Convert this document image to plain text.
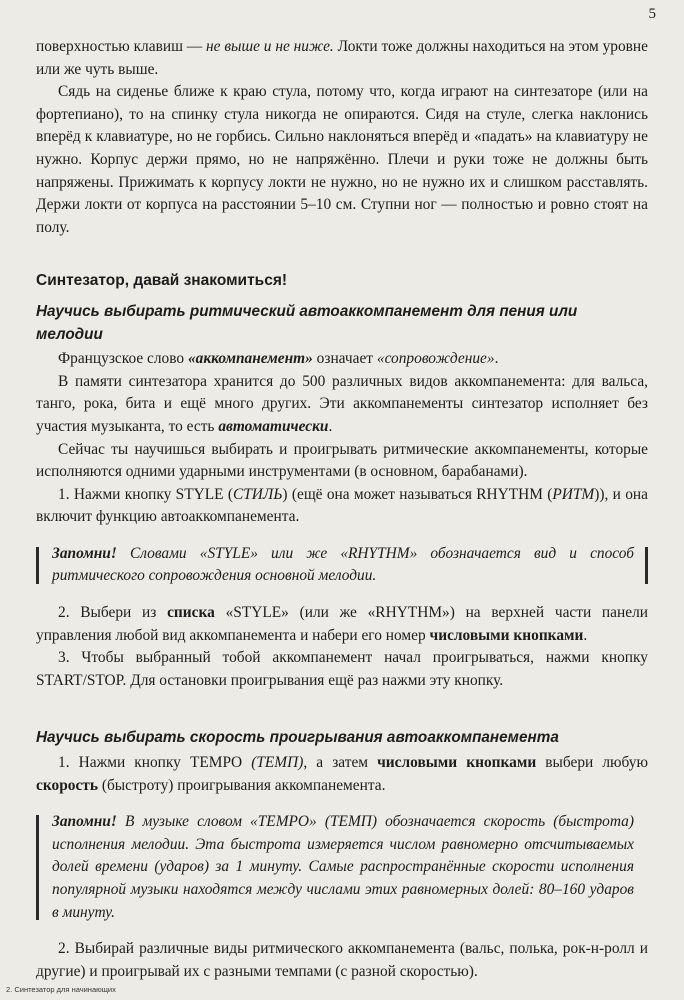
5

поверхностью клавиш — не выше и не ниже. Локти тоже должны находиться на этом уровне или же чуть выше.

Сядь на сиденье ближе к краю стула, потому что, когда играют на синтезаторе (или на фортепиано), то на спинку стула никогда не опираются. Сидя на стуле, слегка наклонись вперёд к клавиатуре, но не горбись. Сильно наклоняться вперёд и «падать» на клавиатуру не нужно. Корпус держи прямо, но не напряжённо. Плечи и руки тоже не должны быть напряжены. Прижимать к корпусу локти не нужно, но не нужно их и слишком расставлять. Держи локти от корпуса на расстоянии 5–10 см. Ступни ног — полностью и ровно стоят на полу.

Синтезатор, давай знакомиться!
Научись выбирать ритмический автоаккомпанемент для пения или мелодии

Французское слово «аккомпанемент» означает «сопровождение».

В памяти синтезатора хранится до 500 различных видов аккомпанемента: для вальса, танго, рока, бита и ещё много других. Эти аккомпанементы синтезатор исполняет без участия музыканта, то есть автоматически.

Сейчас ты научишься выбирать и проигрывать ритмические аккомпанементы, которые исполняются одними ударными инструментами (в основном, барабанами).

1. Нажми кнопку STYLE (СТИЛЬ) (ещё она может называться RHYTHM (РИТМ)), и она включит функцию автоаккомпанемента.

Запомни! Словами «STYLE» или же «RHYTHM» обозначается вид и способ ритмического сопровождения основной мелодии.

2. Выбери из списка «STYLE» (или же «RHYTHM») на верхней части панели управления любой вид аккомпанемента и набери его номер числовыми кнопками.

3. Чтобы выбранный тобой аккомпанемент начал проигрываться, нажми кнопку START/STOP. Для остановки проигрывания ещё раз нажми эту кнопку.

Научись выбирать скорость проигрывания автоаккомпанемента

1. Нажми кнопку TEMPO (ТЕМП), а затем числовыми кнопками выбери любую скорость (быстроту) проигрывания аккомпанемента.

Запомни! В музыке словом «TEMPO» (ТЕМП) обозначается скорость (быстрота) исполнения мелодии. Эта быстрота измеряется числом равномерно отсчитываемых долей времени (ударов) за 1 минуту. Самые распространённые скорости исполнения популярной музыки находятся между числами этих равномерных долей: 80–160 ударов в минуту.

2. Выбирай различные виды ритмического аккомпанемента (вальс, полька, рок-н-ролл и другие) и проигрывай их с разными темпами (с разной скоростью).

2. Синтезатор для начинающих
